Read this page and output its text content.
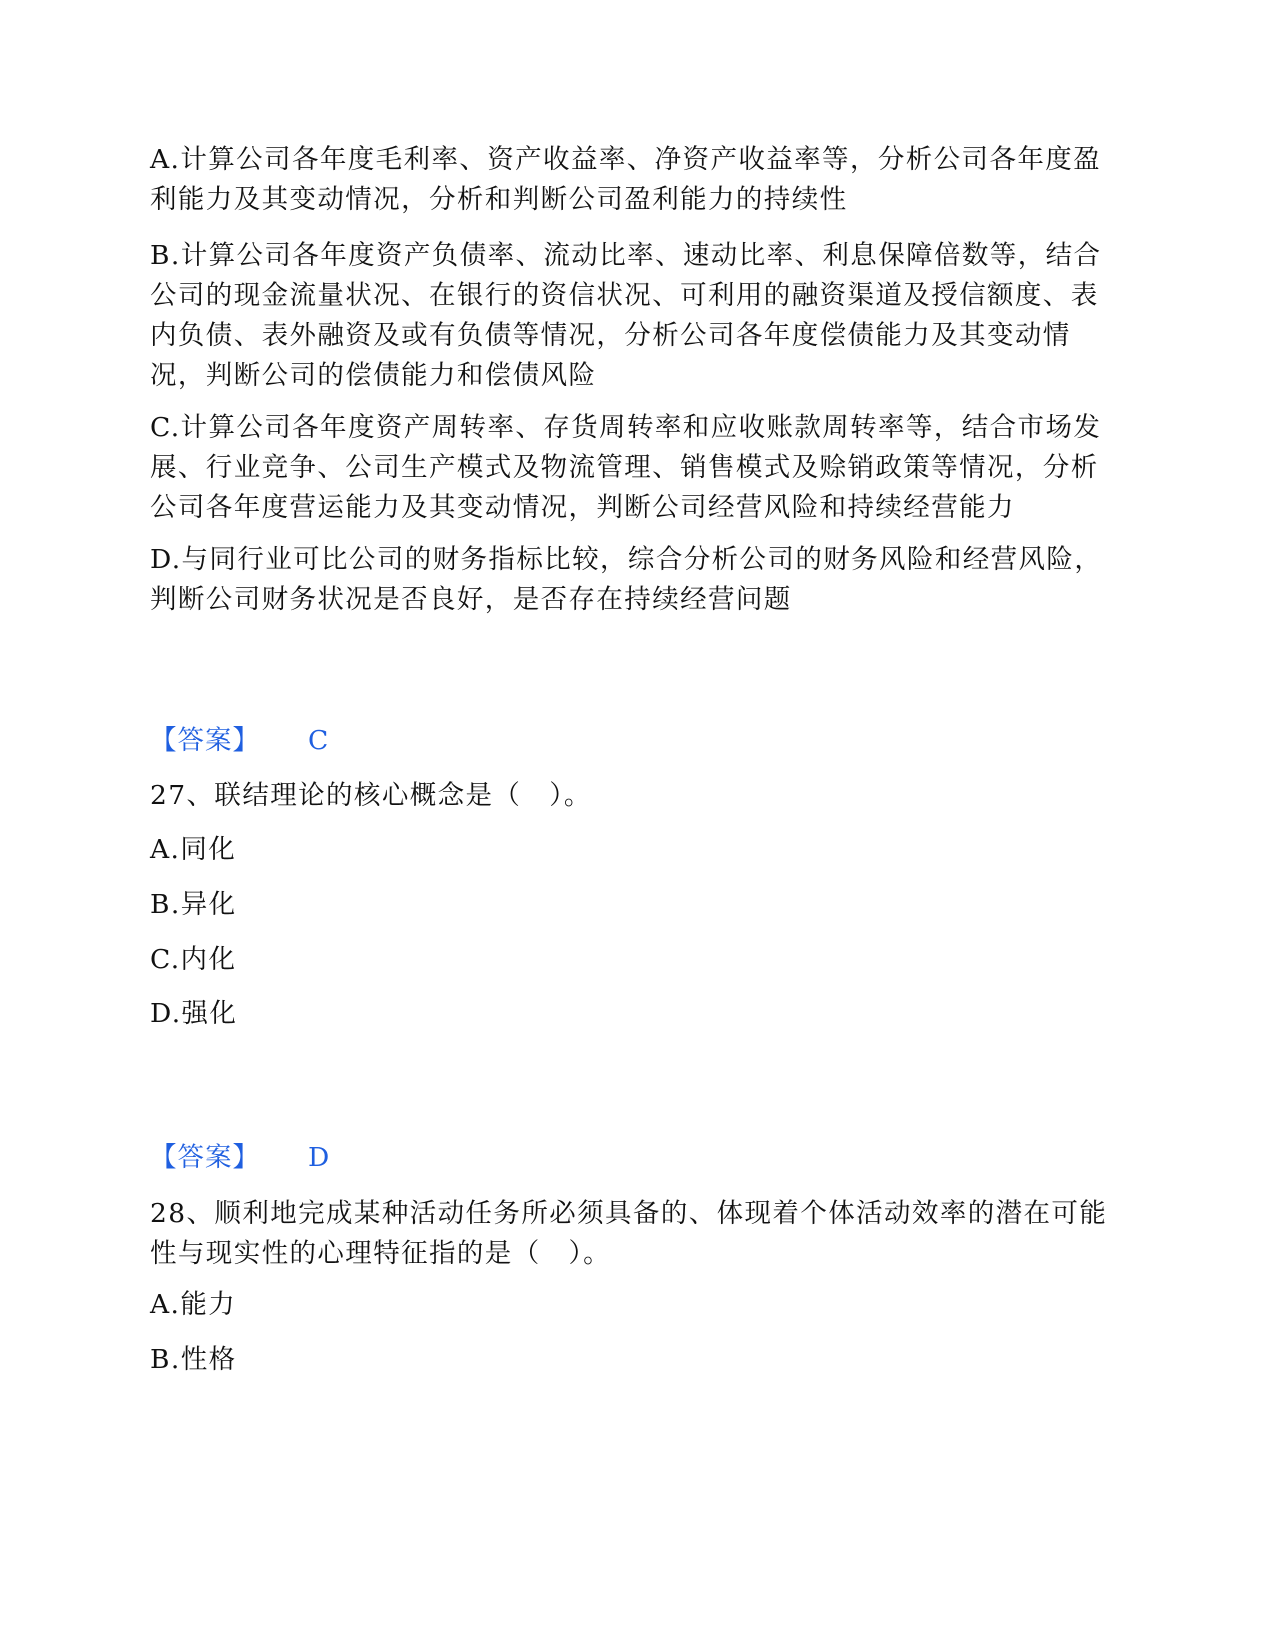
A.计算公司各年度毛利率、资产收益率、净资产收益率等，分析公司各年度盈利能力及其变动情况，分析和判断公司盈利能力的持续性

B.计算公司各年度资产负债率、流动比率、速动比率、利息保障倍数等，结合公司的现金流量状况、在银行的资信状况、可利用的融资渠道及授信额度、表内负债、表外融资及或有负债等情况，分析公司各年度偿债能力及其变动情况，判断公司的偿债能力和偿债风险

C.计算公司各年度资产周转率、存货周转率和应收账款周转率等，结合市场发展、行业竞争、公司生产模式及物流管理、销售模式及赊销政策等情况，分析公司各年度营运能力及其变动情况，判断公司经营风险和持续经营能力

D.与同行业可比公司的财务指标比较，综合分析公司的财务风险和经营风险，判断公司财务状况是否良好，是否存在持续经营问题

【答案】 C

27、联结理论的核心概念是（　）。

A.同化

B.异化

C.内化

D.强化

【答案】 D

28、顺利地完成某种活动任务所必须具备的、体现着个体活动效率的潜在可能性与现实性的心理特征指的是（　）。

A.能力

B.性格
